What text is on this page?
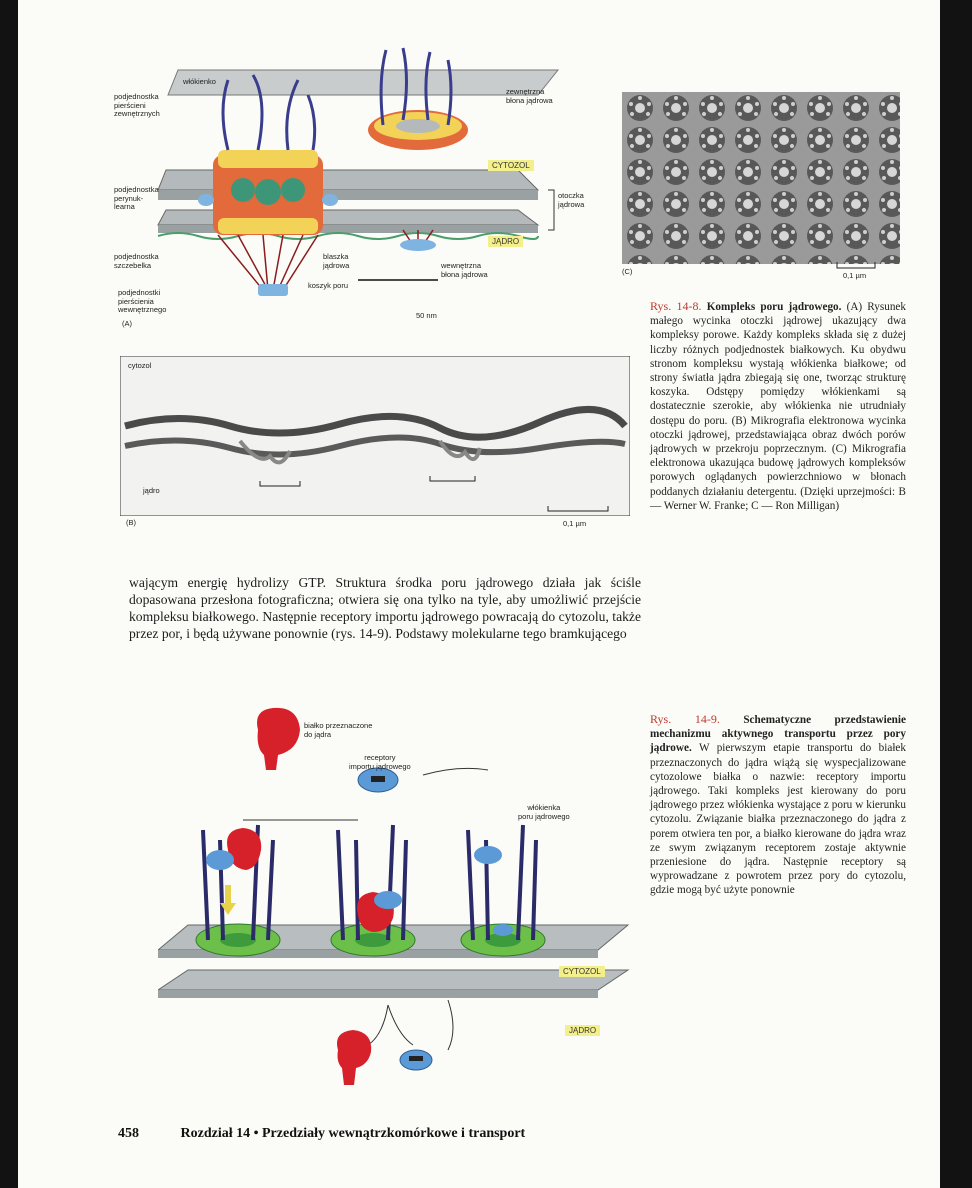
włókienko
podjednostka
pierścieni
zewnętrznych
zewnętrzna
błona jądrowa
CYTOZOL
podjednostka
perynuk-
learna
otoczka
jądrowa
JĄDRO
podjednostka
szczebelka
blaszka
jądrowa	wewnętrzna
błona jądrowa
koszyk poru
podjednostki
pierścienia
wewnętrznego
(A)
50 nm
(C)	0,1 µm
cytozol
jądro
(B)	0,1 µm
Rys. 14-8. Kompleks poru jądrowego. (A) Rysunek małego wycinka otoczki jądrowej ukazujący dwa kompleksy porowe. Każdy kompleks składa się z dużej liczby różnych podjednostek białkowych. Ku obydwu stronom kompleksu wystają włókienka białkowe; od strony światła jądra zbiegają się one, tworząc strukturę koszyka. Odstępy pomiędzy włókienkami są dostatecznie szerokie, aby włókienka nie utrudniały dostępu do poru. (B) Mikrografia elektronowa wycinka otoczki jądrowej, przedstawiająca obraz dwóch porów jądrowych w przekroju poprzecznym. (C) Mikrografia elektronowa ukazująca budowę jądrowych kompleksów porowych oglądanych powierzchniowo w błonach poddanych działaniu detergentu. (Dzięki uprzejmości: B — Werner W. Franke; C — Ron Milligan)
wającym energię hydrolizy GTP. Struktura środka poru jądrowego działa jak ściśle dopasowana przesłona fotograficzna; otwiera się ona tylko na tyle, aby umożliwić przejście kompleksu białkowego. Następnie receptory importu jądrowego powracają do cytozolu, także przez por, i będą używane ponownie (rys. 14-9). Podstawy molekularne tego bramkującego
białko przeznaczone
do jądra
receptory
importu jądrowego
włókienka
poru jądrowego
CYTOZOL
JĄDRO
Rys. 14-9. Schematyczne przedstawienie mechanizmu aktywnego transportu przez pory jądrowe. W pierwszym etapie transportu do białek przeznaczonych do jądra wiążą się wyspecjalizowane cytozolowe białka o nazwie: receptory importu jądrowego. Taki kompleks jest kierowany do poru jądrowego przez włókienka wystające z poru w kierunku cytozolu. Związanie białka przeznaczonego do jądra z porem otwiera ten por, a białko kierowane do jądra wraz ze swym związanym receptorem zostaje aktywnie przeniesione do jądra. Następnie receptory są wyprowadzane z powrotem przez pory do cytozolu, gdzie mogą być użyte ponownie
458	Rozdział 14 • Przedziały wewnątrzkomórkowe i transport
